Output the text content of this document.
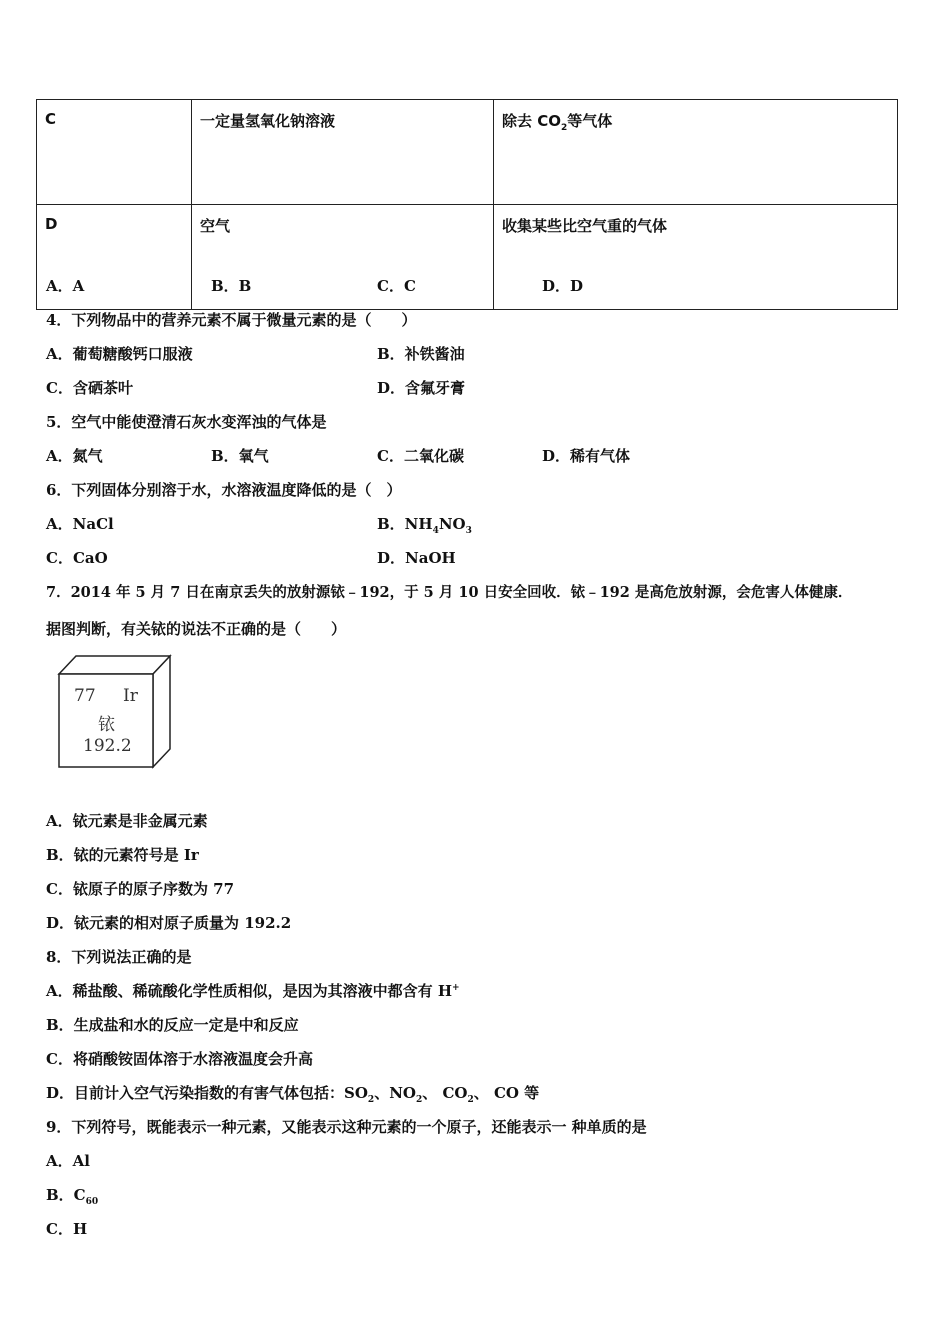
C	一定量氢氧化钠溶液	除去 $CO_2$等气体
D	空气	收集某些比空气重的气体
A．A	B．B	C．C	D．D
4．下列物品中的营养元素不属于微量元素的是（　　）
A．葡萄糖酸钙口服液	B．补铁酱油
C．含硒茶叶	D．含氟牙膏
5．空气中能使澄清石灰水变浑浊的气体是
A．氮气	B．氧气	C．二氧化碳	D．稀有气体
6．下列固体分别溶于水，水溶液温度降低的是（　）
A．NaCl	B．$NH_4NO_3$
C．CaO	D．NaOH
7．2014 年 5 月 7 日在南京丢失的放射源铱﹣192，于 5 月 10 日安全回收．铱﹣192 是高危放射源，会危害人体健康．
据图判断，有关铱的说法不正确的是（　　）
77 Ir
铱
192.2
A．铱元素是非金属元素
B．铱的元素符号是 Ir
C．铱原子的原子序数为 77
D．铱元素的相对原子质量为 192.2
8．下列说法正确的是
A．稀盐酸、稀硫酸化学性质相似，是因为其溶液中都含有 H+
B．生成盐和水的反应一定是中和反应
C．将硝酸铵固体溶于水溶液温度会升高
D．目前计入空气污染指数的有害气体包括：$SO_2$、$NO_2$、 $CO_2$、 CO 等
9．下列符号，既能表示一种元素，又能表示这种元素的一个原子，还能表示一 种单质的是
A．Al
B．$C_{60}$
C．H
